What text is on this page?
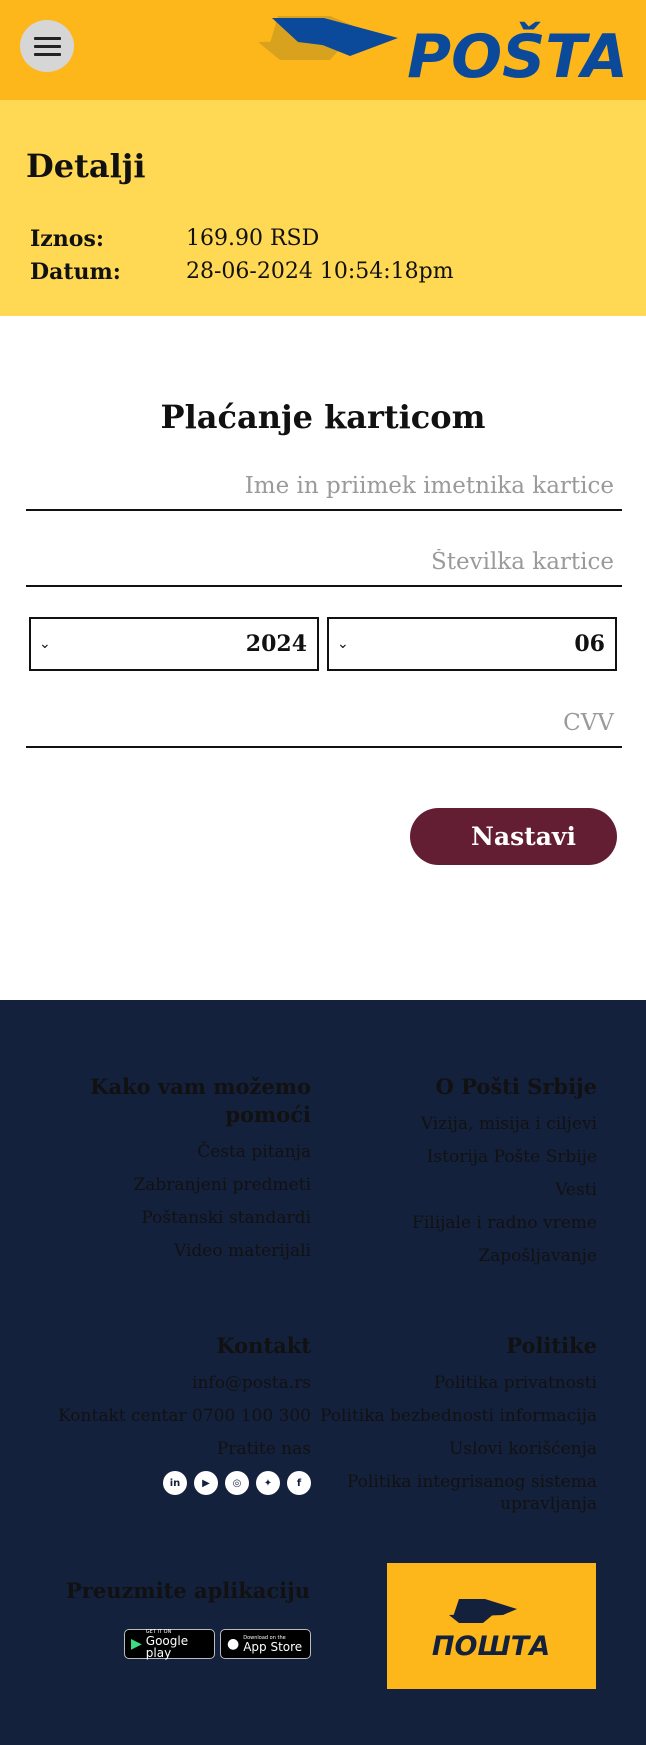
POŠTA
Detalji
Iznos:	169.90 RSD
Datum:	28-06-2024 10:54:18pm
Plaćanje karticom
Ime in priimek imetnika kartice
Številka kartice
⌄	2024 ⌄	06
CVV
Nastavi
Kako vam možemo pomoći
Česta pitanja
Zabranjeni predmeti
Poštanski standardi
Video materijali
O Pošti Srbije
Vizija, misija i ciljevi
Istorija Pošte Srbije
Vesti
Filijale i radno vreme
Zapošljavanje
Kontakt
info@posta.rs
Kontakt centar 0700 100 300
Pratite nas
in	▶	◎	✦	f
Politike
Politika privatnosti
Politika bezbednosti informacija
Uslovi korišćenja
Politika integrisanog sistema upravljanja
Preuzmite aplikaciju
▶
GET IT ON
Google play
● Download on the
App Store	ПОШТА
